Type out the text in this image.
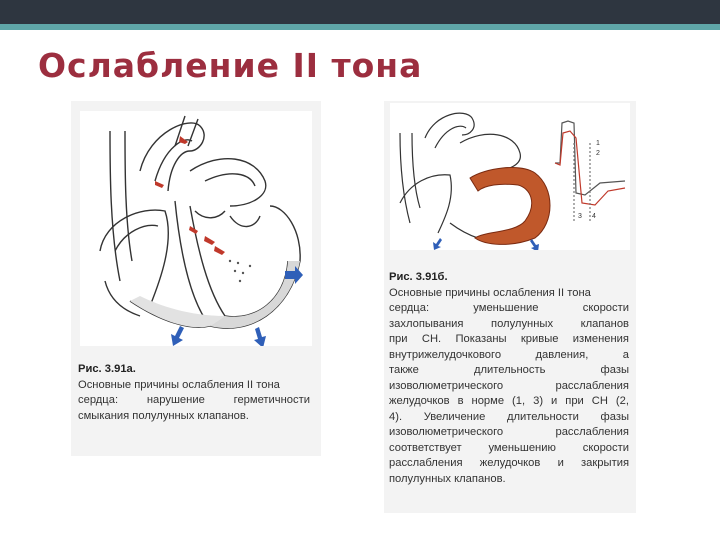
Ослабление II тона
1
2
3 4
Рис. 3.91а.
Основные причины ослабления II тона
сердца: нарушение герметичности
смыкания полулунных клапанов.
Рис. 3.91б.
Основные причины ослабления II тона
сердца: уменьшение скорости
захлопывания полулунных клапанов
при СН. Показаны кривые изменения
внутрижелудочкового давления, а
также длительность фазы
изоволюметрического расслабления
желудочков в норме (1, 3) и при СН (2,
4). Увеличение длительности фазы
изоволюметрического расслабления
соответствует уменьшению скорости
расслабления желудочков и закрытия
полулунных клапанов.
